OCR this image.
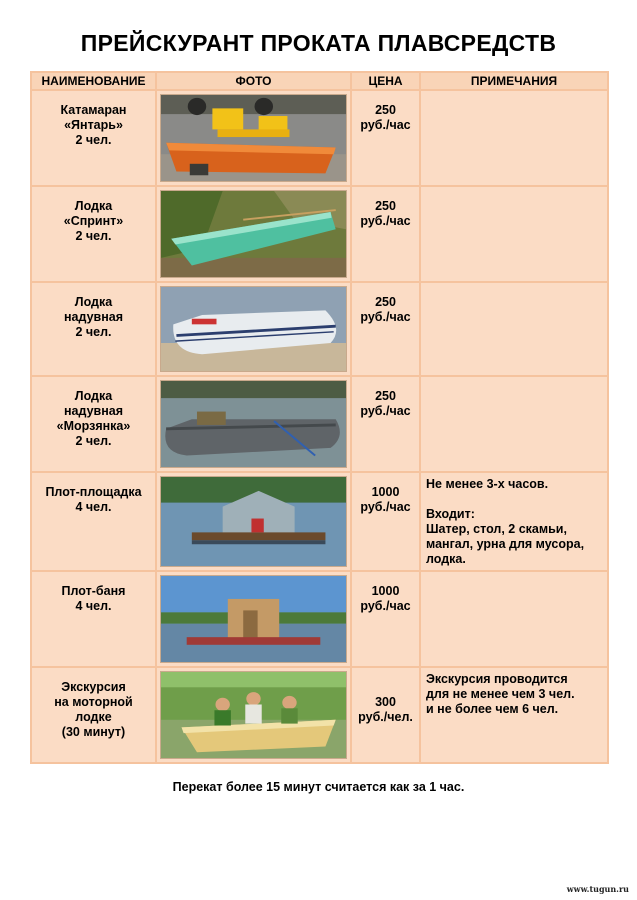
ПРЕЙСКУРАНТ ПРОКАТА ПЛАВСРЕДСТВ
НАИМЕНОВАНИЕ	ФОТО	ЦЕНА	ПРИМЕЧАНИЯ

Катамаран
«Янтарь»
2 чел.		250
руб./час	

Лодка
«Спринт»
2 чел.		250
руб./час	

Лодка
надувная
2 чел.		250
руб./час	

Лодка
надувная
«Морзянка»
2 чел.		250
руб./час	

Плот-площадка
4 чел.		1000
руб./час	Не менее 3-х часов.
Входит:
Шатер, стол, 2 скамьи,
мангал, урна для мусора,
лодка.

Плот-баня
4 чел.		1000
руб./час	

Экскурсия
на моторной
лодке
(30 минут)		300
руб./чел.	Экскурсия проводится
для не менее чем 3 чел.
и не более чем 6 чел.
Перекат более 15 минут считается как за 1 час.
www.tugun.ru
